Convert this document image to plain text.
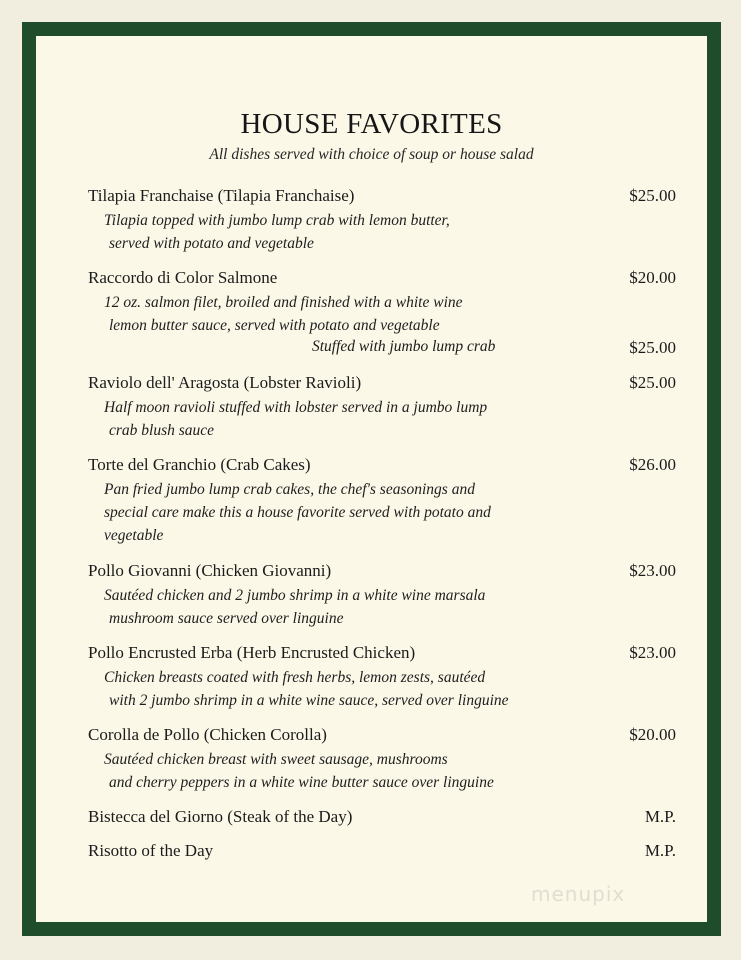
HOUSE FAVORITES
All dishes served with choice of soup or house salad
Tilapia Franchaise (Tilapia Franchaise)	$25.00
Tilapia topped with jumbo lump crab with lemon butter,
served with potato and vegetable
Raccordo di Color Salmone	$20.00
12 oz. salmon filet, broiled and finished with a white wine
lemon butter sauce, served with potato and vegetable
Stuffed with jumbo lump crab	$25.00
Raviolo dell' Aragosta (Lobster Ravioli)	$25.00
Half moon ravioli stuffed with lobster served in a jumbo lump
crab blush sauce
Torte del Granchio (Crab Cakes)	$26.00
Pan fried jumbo lump crab cakes, the chef's seasonings and
special care make this a house favorite served with potato and
vegetable
Pollo Giovanni (Chicken Giovanni)	$23.00
Sautéed chicken and 2 jumbo shrimp in a white wine marsala
mushroom sauce served over linguine
Pollo Encrusted Erba (Herb Encrusted Chicken)	$23.00
Chicken breasts coated with fresh herbs, lemon zests, sautéed
with 2 jumbo shrimp in a white wine sauce, served over linguine
Corolla de Pollo (Chicken Corolla)	$20.00
Sautéed chicken breast with sweet sausage, mushrooms
and cherry peppers in a white wine butter sauce over linguine
Bistecca del Giorno (Steak of the Day)	M.P.
Risotto of the Day	M.P.
menupix
